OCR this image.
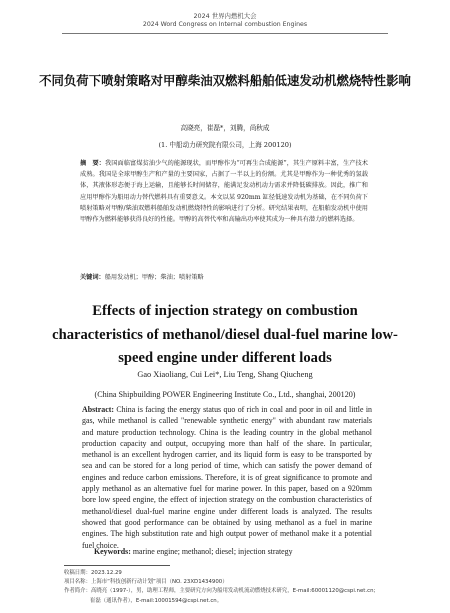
2024 世界内燃机大会
2024 Word Congress on Internal combustion Engines
不同负荷下喷射策略对甲醇柴油双燃料船舶低速发动机燃烧特性影响
高晓亮，崔磊*，刘腾，尚秋成
(1. 中船动力研究院有限公司，上海 200120)
摘　要：我国面临富煤贫油少气的能源现状，而甲醇作为“可再生合成能源”，其生产原料丰富，生产技术成熟。我国是全球甲醇生产和产量的主要国家，占据了一半以上的份额。尤其是甲醇作为一种优秀的氢载体，其液体形态便于海上运输，且能够长时间储存，能满足发动机动力需求并降低碳排放。因此，推广和应用甲醇作为船用动力替代燃料具有重要意义。本文以某 920mm 缸径低速发动机为基础，在不同负荷下喷射策略对甲醇/柴油双燃料船舶发动机燃烧特性的影响进行了分析。研究结果表明，在船舶发动机中使用甲醇作为燃料能够获得良好的性能。甲醇的高替代率和高输出功率使其成为一种具有潜力的燃料选择。
关键词：船用发动机；甲醇；柴油；喷射策略
Effects of injection strategy on combustion characteristics of methanol/diesel dual-fuel marine low-speed engine under different loads
Gao Xiaoliang, Cui Lei*, Liu Teng, Shang Qiucheng
(China Shipbuilding POWER Engineering Institute Co., Ltd., shanghai, 200120)
Abstract: China is facing the energy status quo of rich in coal and poor in oil and little in gas, while methanol is called "renewable synthetic energy" with abundant raw materials and mature production technology. China is the leading country in the global methanol production capacity and output, occupying more than half of the share. In particular, methanol is an excellent hydrogen carrier, and its liquid form is easy to be transported by sea and can be stored for a long period of time, which can satisfy the power demand of engines and reduce carbon emissions. Therefore, it is of great significance to promote and apply methanol as an alternative fuel for marine power. In this paper, based on a 920mm bore low speed engine, the effect of injection strategy on the combustion characteristics of methanol/diesel dual-fuel marine engine under different loads is analyzed. The results showed that good performance can be obtained by using methanol as a fuel in marine engines. The high substitution rate and high output power of methanol make it a potential fuel choice.
Keywords: marine engine; methanol; diesel; injection strategy
收稿日期：2023.12.29
项目名称：上海市“科技创新行动计划”项目（NO. 23XD1434900）
作者简介：高晓亮（1997-），男，助理工程师，主要研究方向为船用发动机流动燃烧技术研究，E-mail:60001120@cspi.net.cn;
崔磊（通讯作者），E-mail:10001594@cspi.net.cn。
